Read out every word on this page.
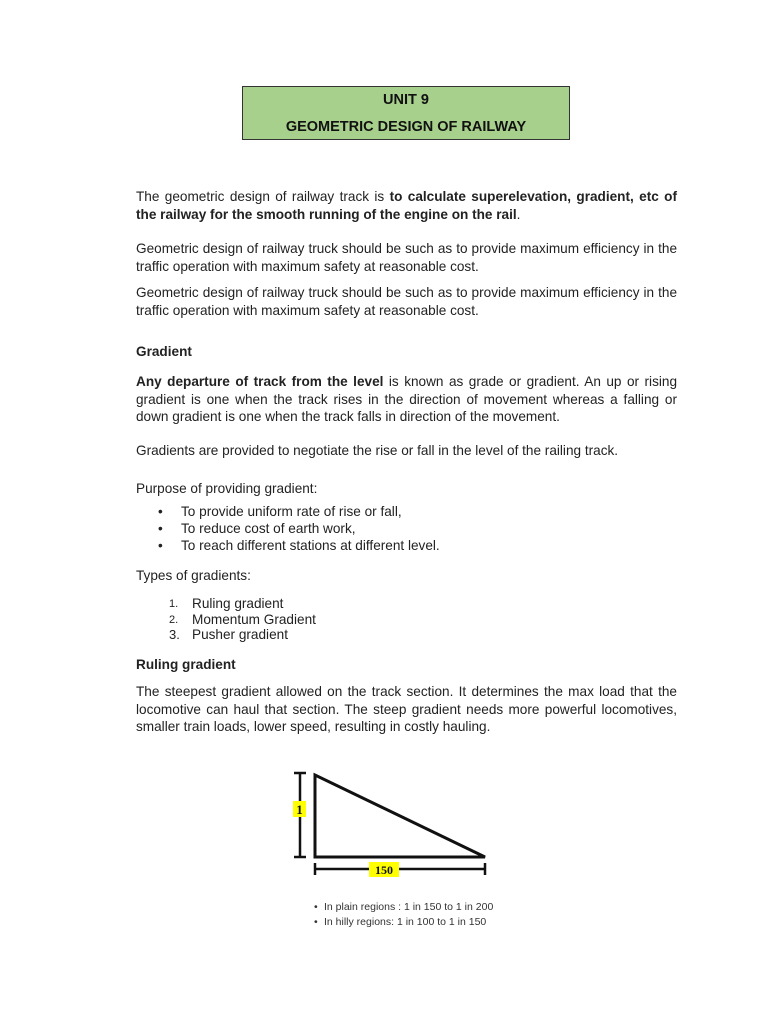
UNIT 9
GEOMETRIC DESIGN OF RAILWAY

The geometric design of railway track is to calculate superelevation, gradient, etc of the railway for the smooth running of the engine on the rail.

Geometric design of railway truck should be such as to provide maximum efficiency in the traffic operation with maximum safety at reasonable cost.

Geometric design of railway truck should be such as to provide maximum efficiency in the traffic operation with maximum safety at reasonable cost.

Gradient

Any departure of track from the level is known as grade or gradient. An up or rising gradient is one when the track rises in the direction of movement whereas a falling or down gradient is one when the track falls in direction of the movement.

Gradients are provided to negotiate the rise or fall in the level of the railing track.

Purpose of providing gradient:

• To provide uniform rate of rise or fall,
• To reduce cost of earth work,
• To reach different stations at different level.

Types of gradients:

1. Ruling gradient
2. Momentum Gradient
3. Pusher gradient

Ruling gradient

The steepest gradient allowed on the track section. It determines the max load that the locomotive can haul that section. The steep gradient needs more powerful locomotives, smaller train loads, lower speed, resulting in costly hauling.

1
150
• In plain regions : 1 in 150 to 1 in 200
• In hilly regions: 1 in 100 to 1 in 150
